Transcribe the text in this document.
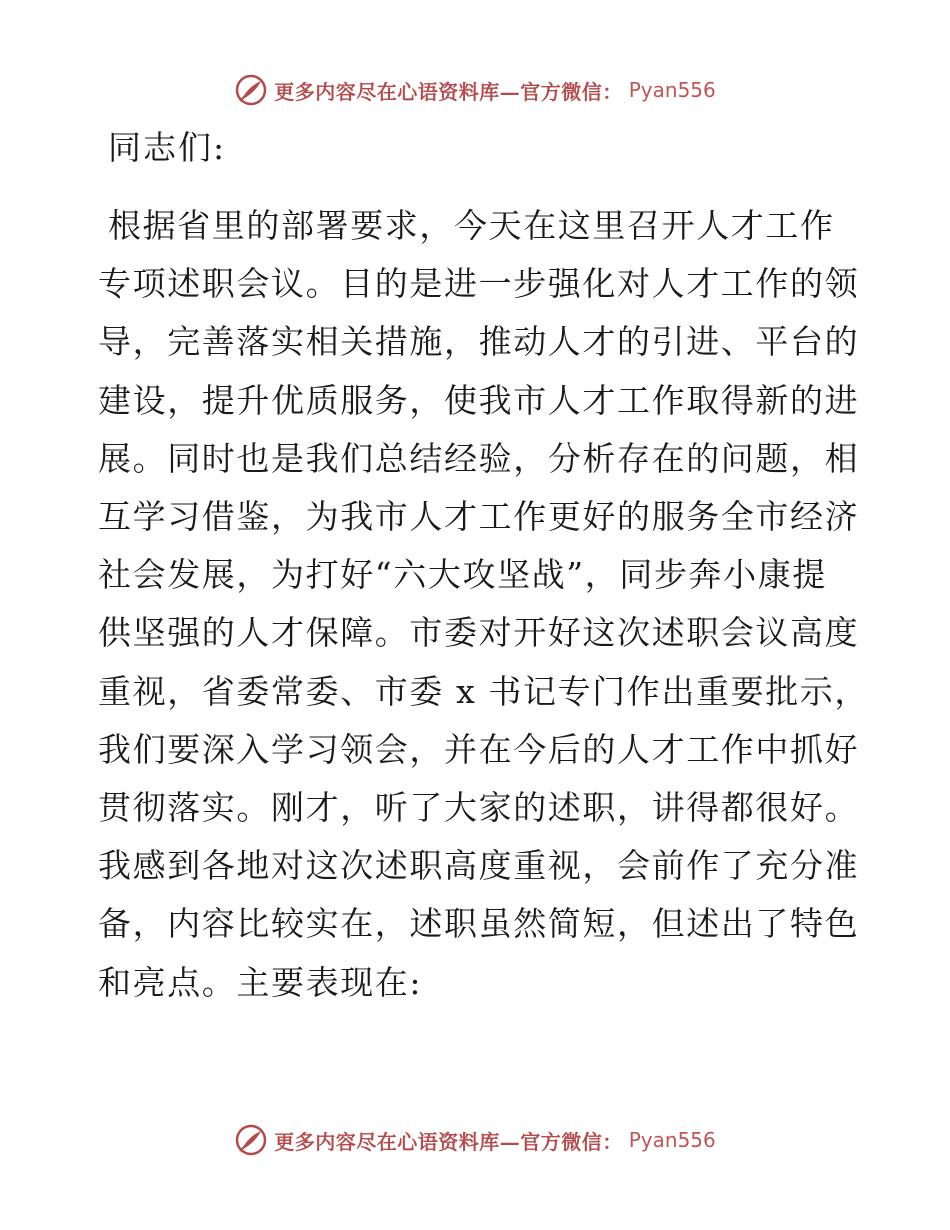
更多内容尽在心语资料库—官方微信： Pyan556
同志们:
根据省里的部署要求，今天在这里召开人才工作
专项述职会议。目的是进一步强化对人才工作的领
导，完善落实相关措施，推动人才的引进、平台的
建设，提升优质服务，使我市人才工作取得新的进
展。同时也是我们总结经验，分析存在的问题，相
互学习借鉴，为我市人才工作更好的服务全市经济
社会发展，为打好“六大攻坚战”，同步奔小康提
供坚强的人才保障。市委对开好这次述职会议高度
重视，省委常委、市委 x 书记专门作出重要批示，
我们要深入学习领会，并在今后的人才工作中抓好
贯彻落实。刚才，听了大家的述职，讲得都很好。
我感到各地对这次述职高度重视，会前作了充分准
备，内容比较实在，述职虽然简短，但述出了特色
和亮点。主要表现在:
更多内容尽在心语资料库—官方微信： Pyan556
